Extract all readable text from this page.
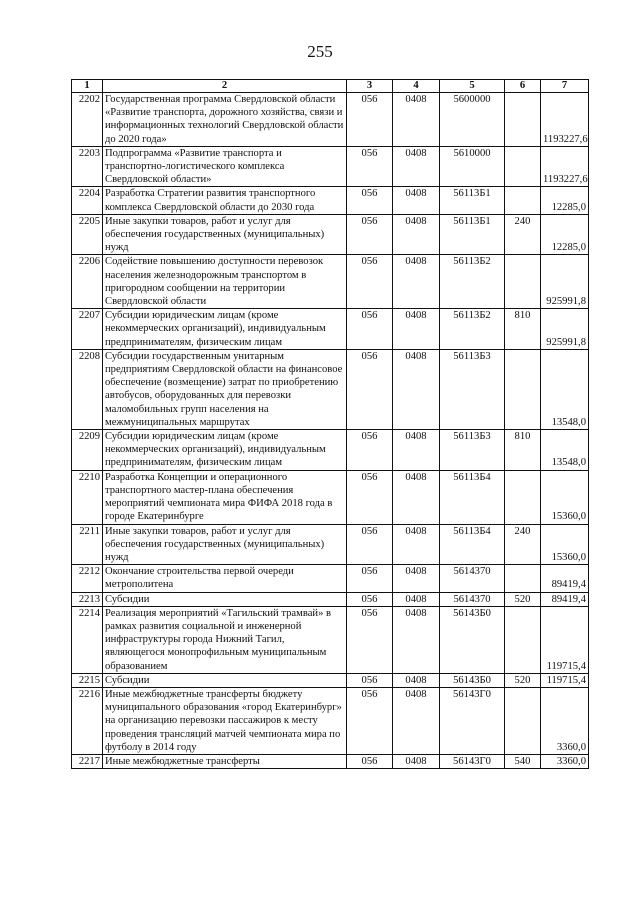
255
1	2	3	4	5	6	7
2202	Государственная программа Свердловской области «Развитие транспорта, дорожного хозяйства, связи и информационных технологий Свердловской области до 2020 года»	056	0408	5600000		1193227,6
2203	Подпрограмма «Развитие транспорта и транспортно-логистического комплекса Свердловской области»	056	0408	5610000		1193227,6
2204	Разработка Стратегии развития транспортного комплекса Свердловской области до 2030 года	056	0408	56113Б1		12285,0
2205	Иные закупки товаров, работ и услуг для обеспечения государственных (муниципальных) нужд	056	0408	56113Б1	240	12285,0
2206	Содействие повышению доступности перевозок населения железнодорожным транспортом в пригородном сообщении на территории Свердловской области	056	0408	56113Б2		925991,8
2207	Субсидии юридическим лицам (кроме некоммерческих организаций), индивидуальным предпринимателям, физическим лицам	056	0408	56113Б2	810	925991,8
2208	Субсидии государственным унитарным предприятиям Свердловской области на финансовое обеспечение (возмещение) затрат по приобретению автобусов, оборудованных для перевозки маломобильных групп населения на межмуниципальных маршрутах	056	0408	56113Б3		13548,0
2209	Субсидии юридическим лицам (кроме некоммерческих организаций), индивидуальным предпринимателям, физическим лицам	056	0408	56113Б3	810	13548,0
2210	Разработка Концепции и операционного транспортного мастер-плана обеспечения мероприятий чемпионата мира ФИФА 2018 года в городе Екатеринбурге	056	0408	56113Б4		15360,0
2211	Иные закупки товаров, работ и услуг для обеспечения государственных (муниципальных) нужд	056	0408	56113Б4	240	15360,0
2212	Окончание строительства первой очереди метрополитена	056	0408	5614370		89419,4
2213	Субсидии	056	0408	5614370	520	89419,4
2214	Реализация мероприятий «Тагильский трамвай» в рамках развития социальной и инженерной инфраструктуры города Нижний Тагил, являющегося монопрофильным муниципальным образованием	056	0408	56143Б0		119715,4
2215	Субсидии	056	0408	56143Б0	520	119715,4
2216	Иные межбюджетные трансферты бюджету муниципального образования «город Екатеринбург» на организацию перевозки пассажиров к месту проведения трансляций матчей чемпионата мира по футболу в 2014 году	056	0408	56143Г0		3360,0
2217	Иные межбюджетные трансферты	056	0408	56143Г0	540	3360,0
